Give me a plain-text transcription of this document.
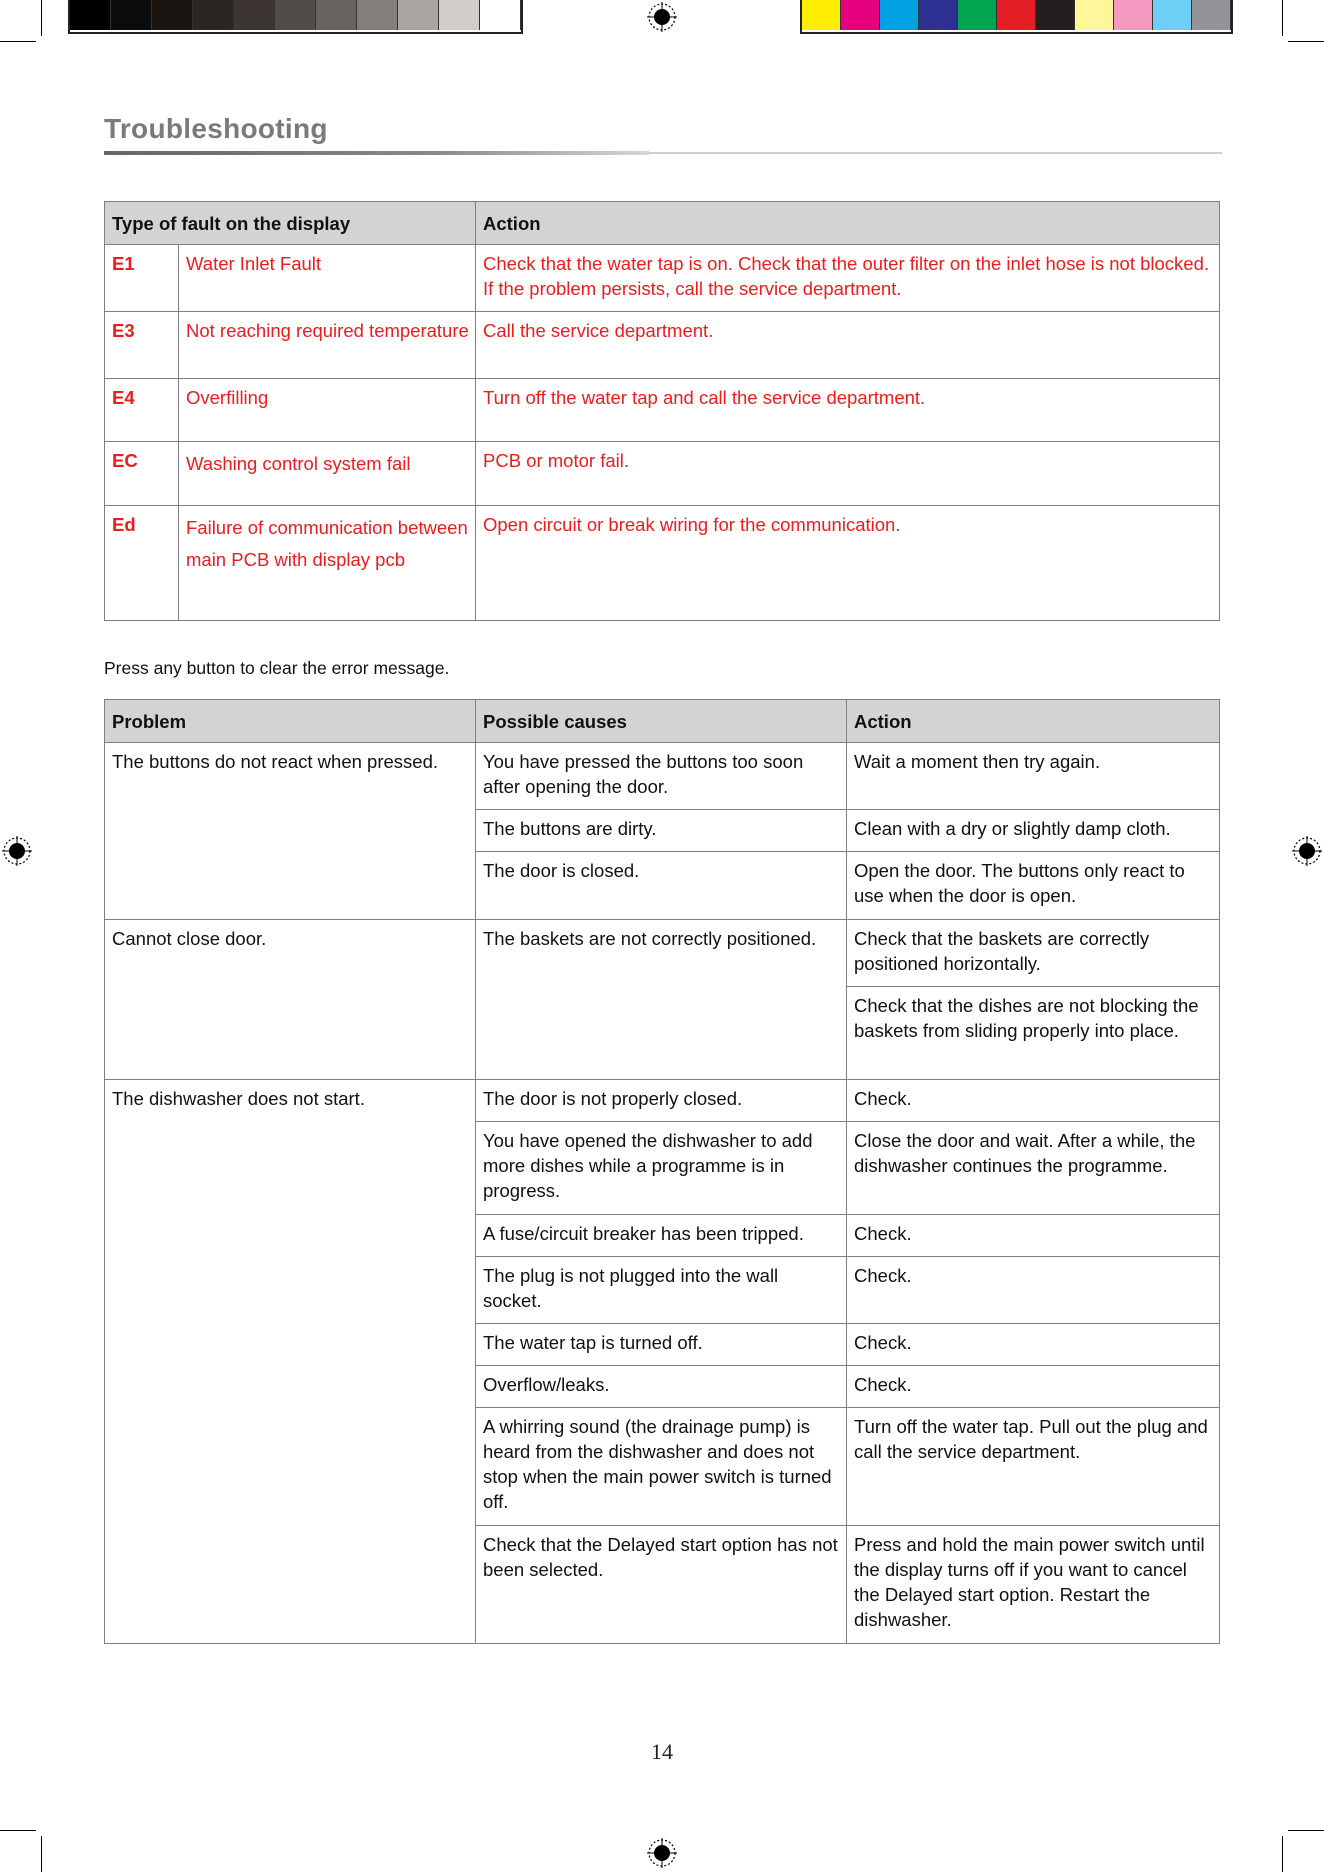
Troubleshooting
Type of fault on the display		Action
E1	Water Inlet Fault	Check that the water tap is on. Check that the outer filter on the inlet hose is not blocked. If the problem persists, call the service department.
E3	Not reaching required temperature	Call the service department.
E4	Overfilling	Turn off the water tap and call the service department.
EC	Washing control system fail	PCB or motor fail.
Ed	Failure of communication between main PCB with display pcb	Open circuit or break wiring for the communication.

Press any button to clear the error message.

Problem	Possible causes	Action
The buttons do not react when pressed.	You have pressed the buttons too soon after opening the door.	Wait a moment then try again.
	The buttons are dirty.	Clean with a dry or slightly damp cloth.
	The door is closed.	Open the door. The buttons only react to use when the door is open.
Cannot close door.	The baskets are not correctly positioned.	Check that the baskets are correctly positioned horizontally.
		Check that the dishes are not blocking the baskets from sliding properly into place.
The dishwasher does not start.	The door is not properly closed.	Check.
	You have opened the dishwasher to add more dishes while a programme is in progress.	Close the door and wait. After a while, the dishwasher continues the programme.
	A fuse/circuit breaker has been tripped.	Check.
	The plug is not plugged into the wall socket.	Check.
	The water tap is turned off.	Check.
	Overflow/leaks.	Check.
	A whirring sound (the drainage pump) is heard from the dishwasher and does not stop when the main power switch is turned off.	Turn off the water tap. Pull out the plug and call the service department.
	Check that the Delayed start option has not been selected.	Press and hold the main power switch until the display turns off if you want to cancel the Delayed start option. Restart the dishwasher.
14
